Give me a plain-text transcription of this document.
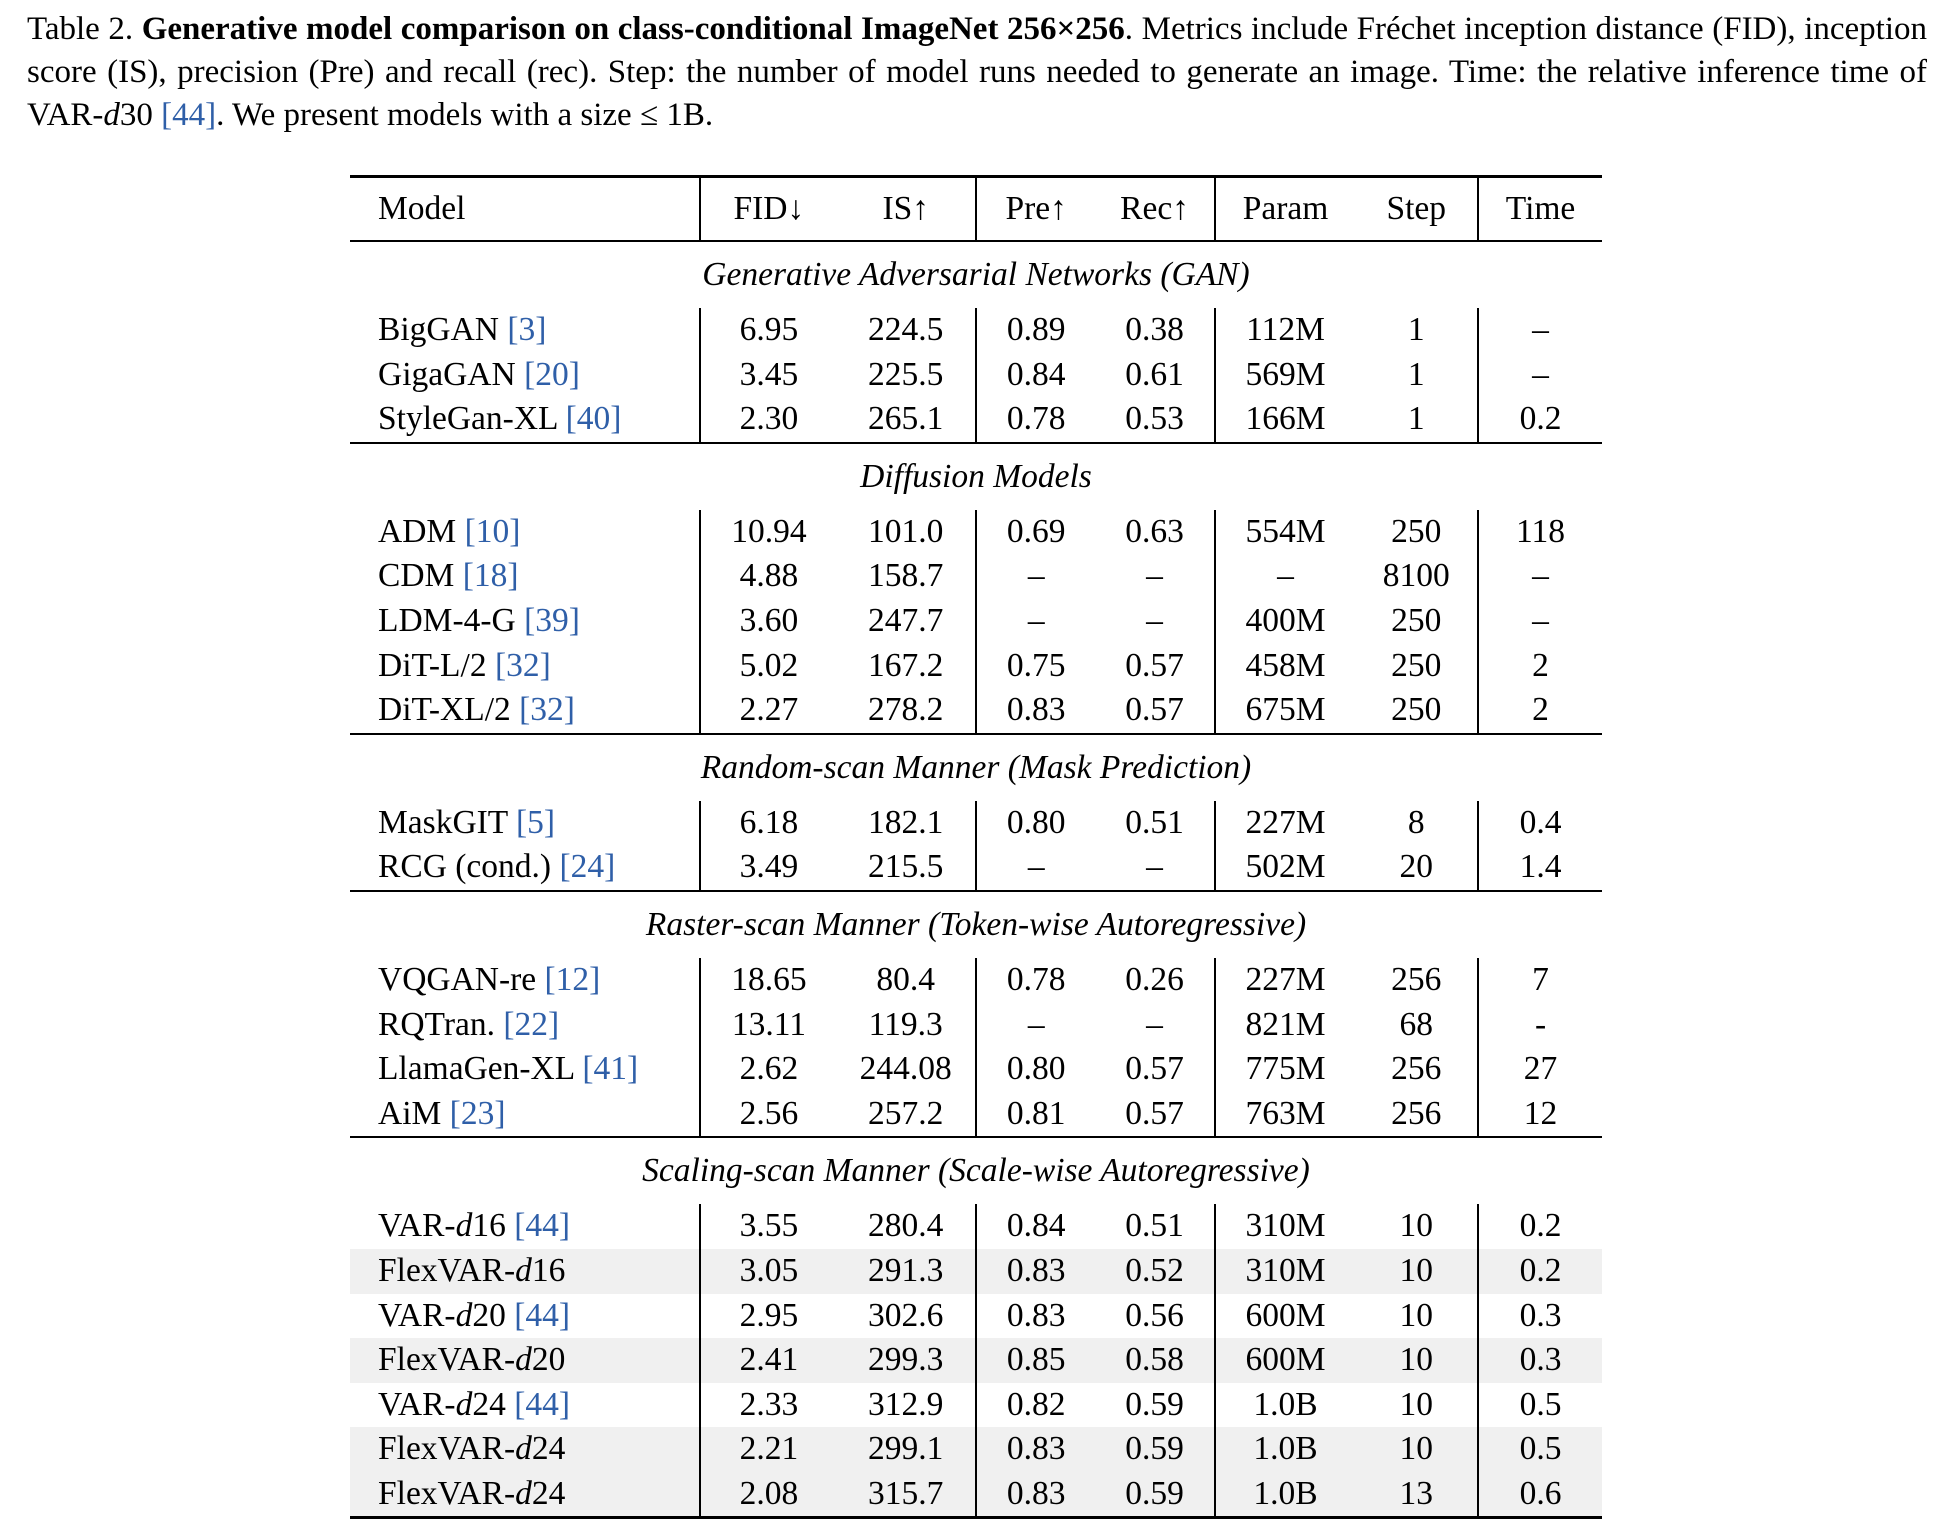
Table 2. Generative model comparison on class-conditional ImageNet 256×256. Metrics include Fréchet inception distance (FID), inception score (IS), precision (Pre) and recall (rec). Step: the number of model runs needed to generate an image. Time: the relative inference time of VAR-d30 [44]. We present models with a size ≤ 1B.
Model	FID↓	IS↑	Pre↑	Rec↑	Param	Step	Time
Generative Adversarial Networks (GAN)							
BigGAN [3]	6.95	224.5	0.89	0.38	112M	1	–
GigaGAN [20]	3.45	225.5	0.84	0.61	569M	1	–
StyleGan-XL [40]	2.30	265.1	0.78	0.53	166M	1	0.2
Diffusion Models							
ADM [10]	10.94	101.0	0.69	0.63	554M	250	118
CDM [18]	4.88	158.7	–	–	–	8100	–
LDM-4-G [39]	3.60	247.7	–	–	400M	250	–
DiT-L/2 [32]	5.02	167.2	0.75	0.57	458M	250	2
DiT-XL/2 [32]	2.27	278.2	0.83	0.57	675M	250	2
Random-scan Manner (Mask Prediction)							
MaskGIT [5]	6.18	182.1	0.80	0.51	227M	8	0.4
RCG (cond.) [24]	3.49	215.5	–	–	502M	20	1.4
Raster-scan Manner (Token-wise Autoregressive)							
VQGAN-re [12]	18.65	80.4	0.78	0.26	227M	256	7
RQTran. [22]	13.11	119.3	–	–	821M	68	-
LlamaGen-XL [41]	2.62	244.08	0.80	0.57	775M	256	27
AiM [23]	2.56	257.2	0.81	0.57	763M	256	12
Scaling-scan Manner (Scale-wise Autoregressive)							
VAR-d16 [44]	3.55	280.4	0.84	0.51	310M	10	0.2
FlexVAR-d16	3.05	291.3	0.83	0.52	310M	10	0.2
VAR-d20 [44]	2.95	302.6	0.83	0.56	600M	10	0.3
FlexVAR-d20	2.41	299.3	0.85	0.58	600M	10	0.3
VAR-d24 [44]	2.33	312.9	0.82	0.59	1.0B	10	0.5
FlexVAR-d24	2.21	299.1	0.83	0.59	1.0B	10	0.5
FlexVAR-d24	2.08	315.7	0.83	0.59	1.0B	13	0.6
